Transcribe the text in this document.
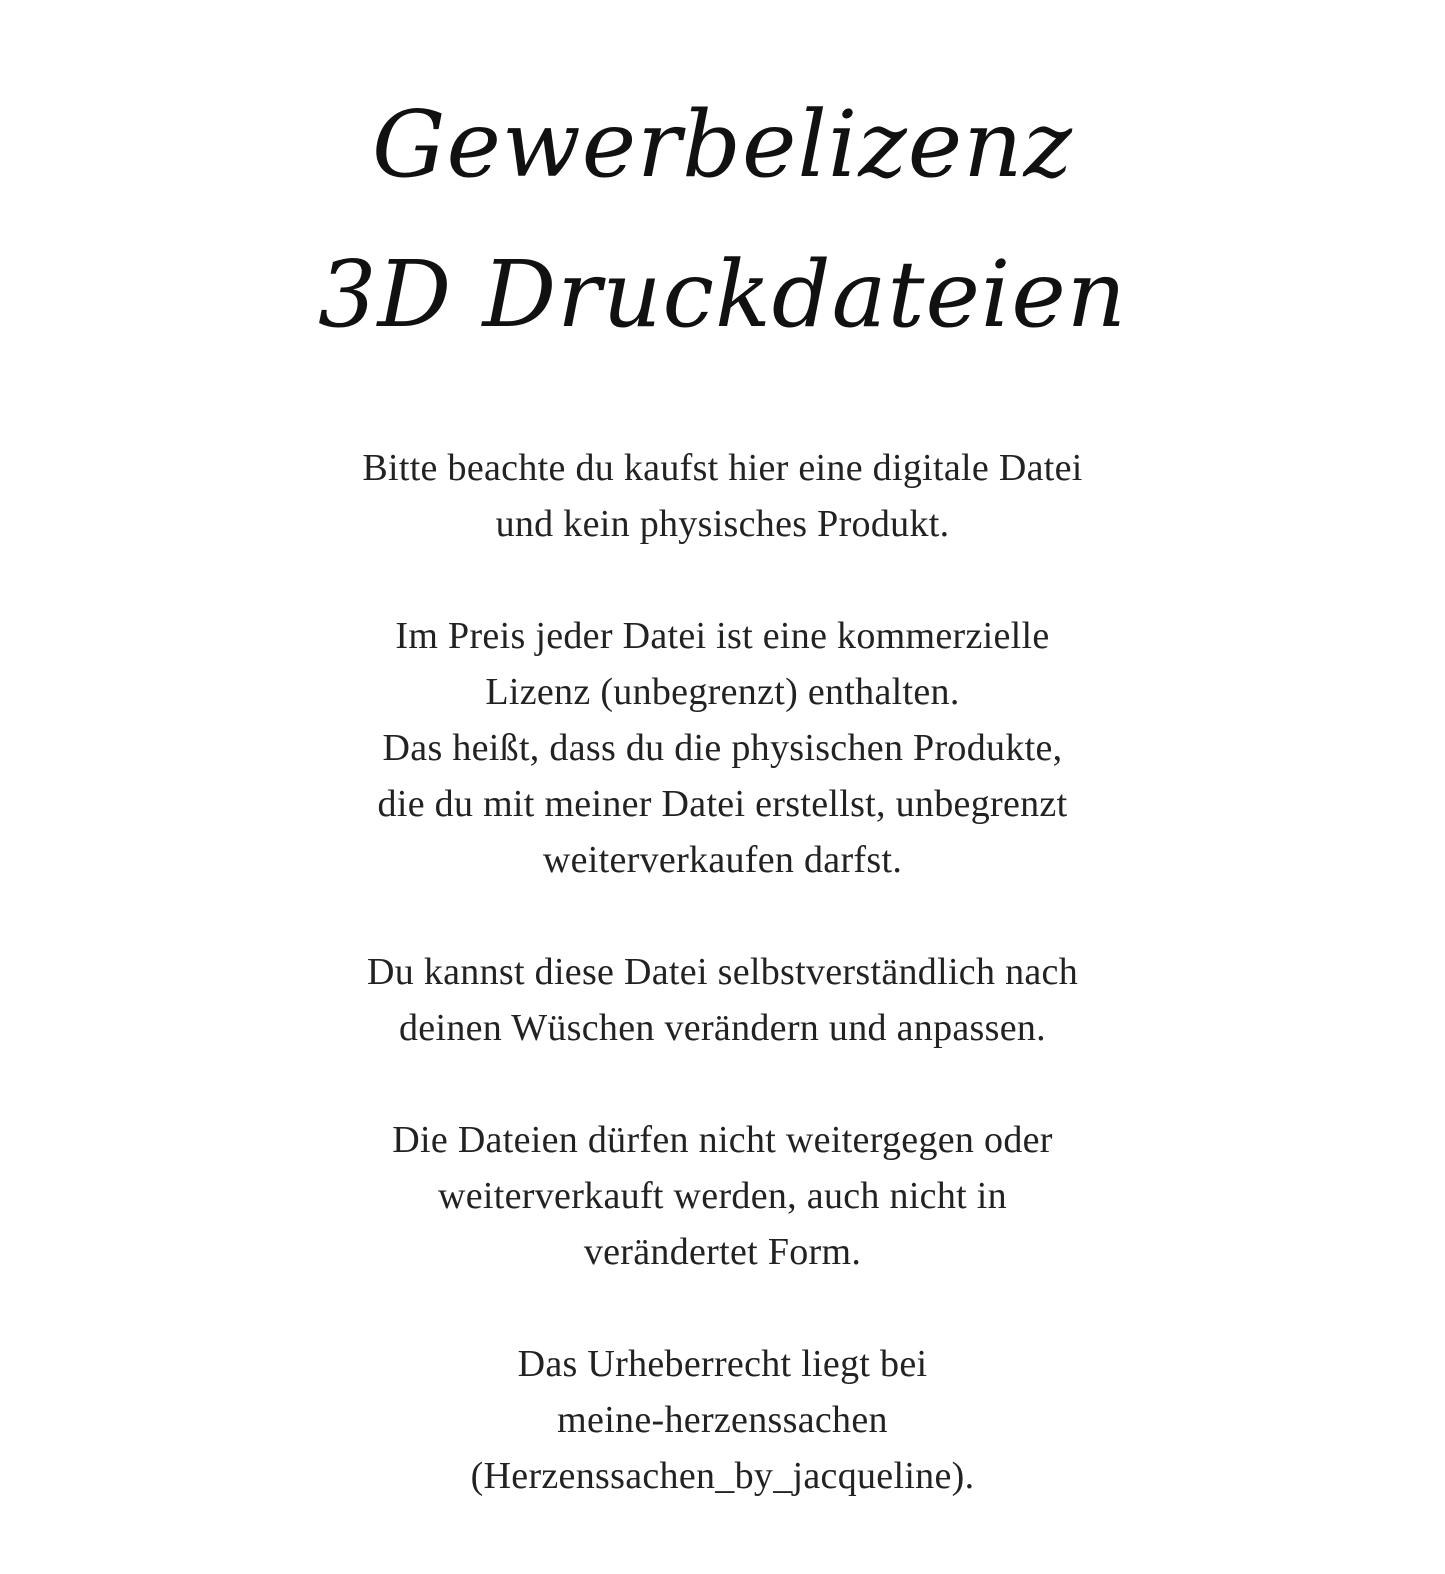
Gewerbelizenz
3D Druckdateien
Bitte beachte du kaufst hier eine digitale Datei
und kein physisches Produkt.
Im Preis jeder Datei ist eine kommerzielle
Lizenz (unbegrenzt) enthalten.
Das heißt, dass du die physischen Produkte,
die du mit meiner Datei erstellst, unbegrenzt
weiterverkaufen darfst.
Du kannst diese Datei selbstverständlich nach
deinen Wüschen verändern und anpassen.
Die Dateien dürfen nicht weitergegen oder
weiterverkauft werden, auch nicht in
verändertet Form.
Das Urheberrecht liegt bei
meine-herzenssachen
(Herzenssachen_by_jacqueline).
